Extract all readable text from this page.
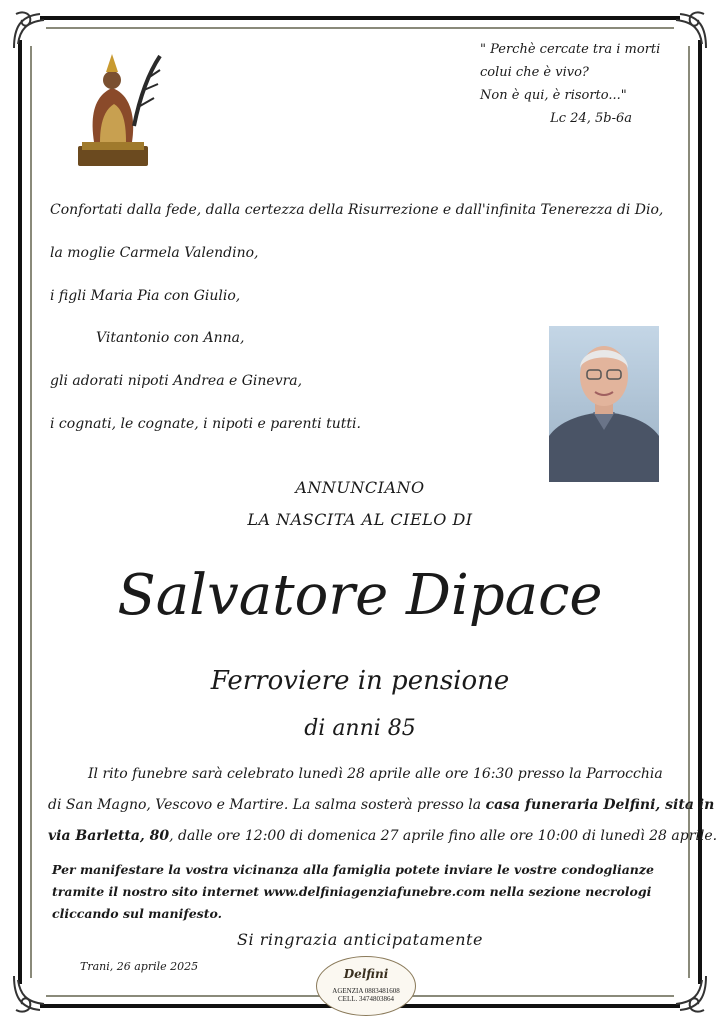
" Perchè cercate tra i morti
colui che è vivo?
Non è qui, è risorto..."
Lc 24, 5b-6a
Confortati dalla fede, dalla certezza della Risurrezione e dall'infinita Tenerezza di Dio,
la moglie Carmela Valendino,
i figli Maria Pia con Giulio,
Vitantonio con Anna,
gli adorati nipoti Andrea e Ginevra,
i cognati, le cognate, i nipoti e parenti tutti.
ANNUNCIANO
LA NASCITA AL CIELO DI
Salvatore Dipace
Ferroviere in pensione
di anni 85
Il rito funebre sarà celebrato lunedì 28 aprile alle ore 16:30 presso la Parrocchia
di San Magno, Vescovo e Martire. La salma sosterà presso la casa funeraria Delfini, sita in
via Barletta, 80, dalle ore 12:00 di domenica 27 aprile fino alle ore 10:00 di lunedì 28 aprile.
Per manifestare la vostra vicinanza alla famiglia potete inviare le vostre condoglianze
tramite il nostro sito internet www.delfiniagenziafunebre.com nella sezione necrologi
cliccando sul manifesto.
Si ringrazia anticipatamente
Trani, 26 aprile 2025
Delfini
AGENZIA 0883481608
CELL. 3474803864
